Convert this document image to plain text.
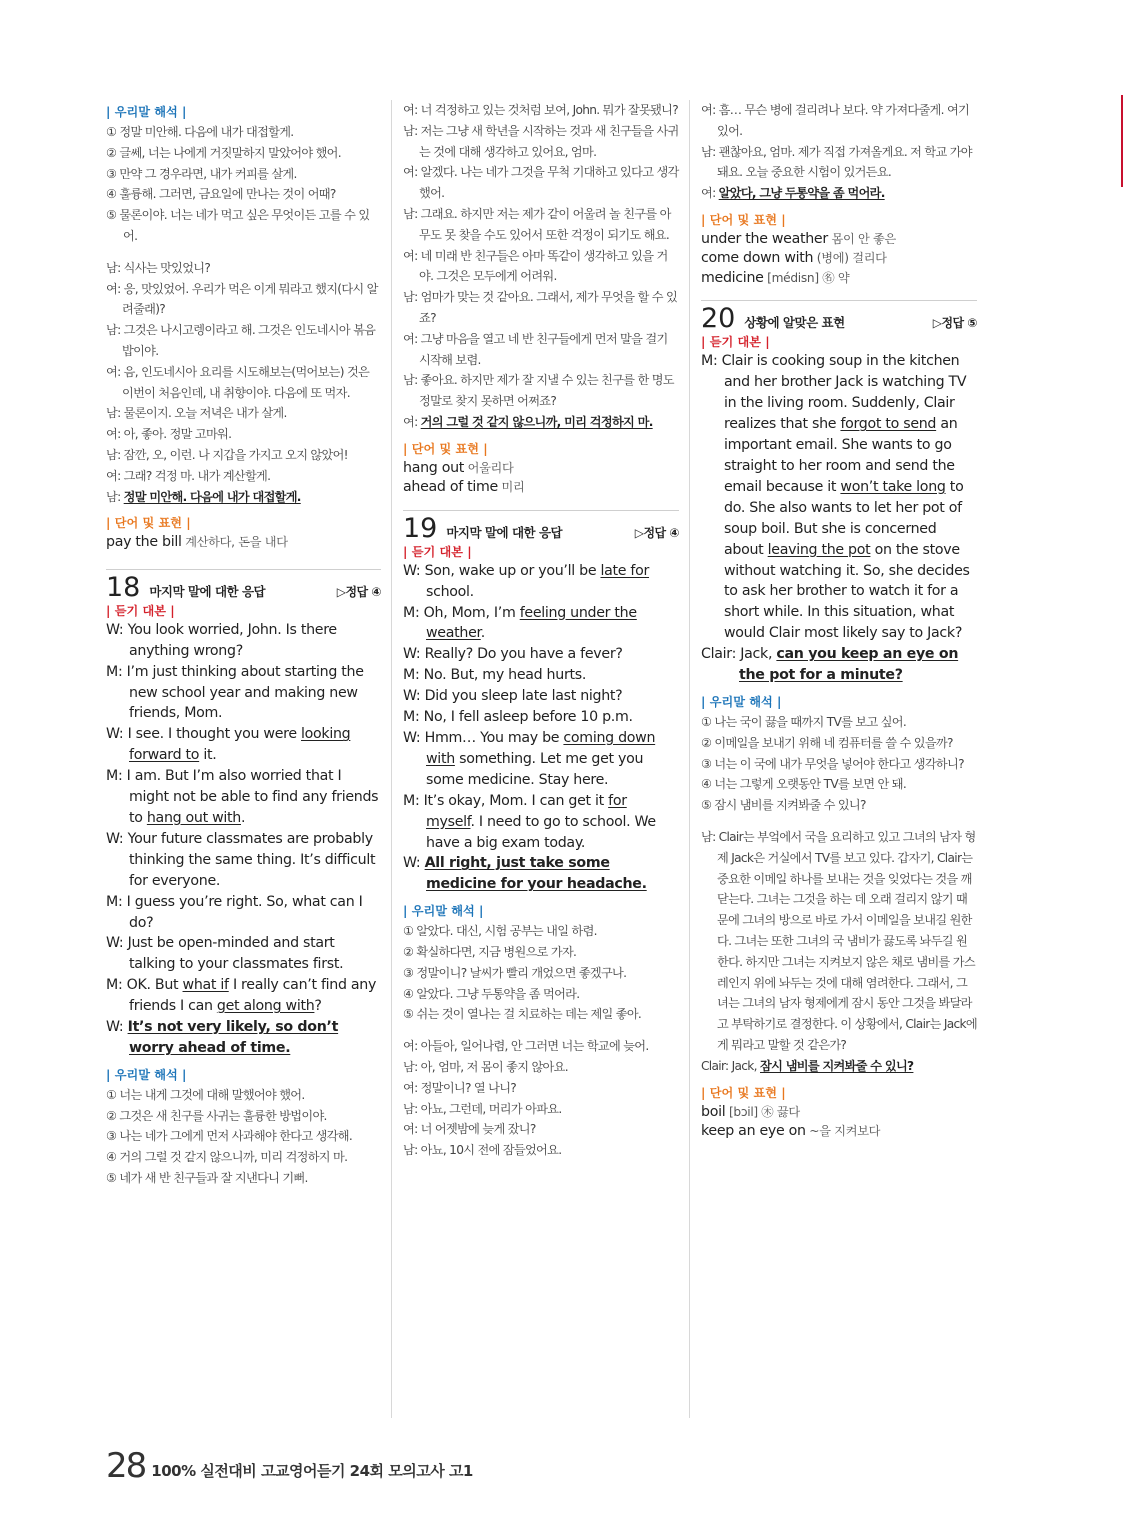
| 우리말 해석 |
① 정말 미안해. 다음에 내가 대접할게.
② 글쎄, 너는 나에게 거짓말하지 말았어야 했어.
③ 만약 그 경우라면, 내가 커피를 살게.
④ 훌륭해. 그러면, 금요일에 만나는 것이 어때?
⑤ 물론이야. 너는 네가 먹고 싶은 무엇이든 고를 수 있어.
남: 식사는 맛있었니?
여: 응, 맛있었어. 우리가 먹은 이게 뭐라고 했지(다시 알려줄래)?
남: 그것은 나시고렝이라고 해. 그것은 인도네시아 볶음밥이야.
여: 음, 인도네시아 요리를 시도해보는(먹어보는) 것은 이번이 처음인데, 내 취향이야. 다음에 또 먹자.
남: 물론이지. 오늘 저녁은 내가 살게.
여: 아, 좋아. 정말 고마워.
남: 잠깐, 오, 이런. 나 지갑을 가지고 오지 않았어!
여: 그래? 걱정 마. 내가 계산할게.
남: 정말 미안해. 다음에 내가 대접할게.
| 단어 및 표현 |
pay the bill 계산하다, 돈을 내다
18 마지막 말에 대한 응답	▷정답 ④
| 듣기 대본 |
W: You look worried, John. Is there anything wrong?
M: I’m just thinking about starting the new school year and making new friends, Mom.
W: I see. I thought you were looking forward to it.
M: I am. But I’m also worried that I might not be able to find any friends to hang out with.
W: Your future classmates are probably thinking the same thing. It’s difficult for everyone.
M: I guess you’re right. So, what can I do?
W: Just be open-minded and start talking to your classmates first.
M: OK. But what if I really can’t find any friends I can get along with?
W: It’s not very likely, so don’t worry ahead of time.
| 우리말 해석 |
① 너는 내게 그것에 대해 말했어야 했어.
② 그것은 새 친구를 사귀는 훌륭한 방법이야.
③ 나는 네가 그에게 먼저 사과해야 한다고 생각해.
④ 거의 그럴 것 같지 않으니까, 미리 걱정하지 마.
⑤ 네가 새 반 친구들과 잘 지낸다니 기뻐.
여: 너 걱정하고 있는 것처럼 보여, John. 뭐가 잘못됐니?
남: 저는 그냥 새 학년을 시작하는 것과 새 친구들을 사귀는 것에 대해 생각하고 있어요, 엄마.
여: 알겠다. 나는 네가 그것을 무척 기대하고 있다고 생각했어.
남: 그래요. 하지만 저는 제가 같이 어울려 놀 친구를 아무도 못 찾을 수도 있어서 또한 걱정이 되기도 해요.
여: 네 미래 반 친구들은 아마 똑같이 생각하고 있을 거야. 그것은 모두에게 어려워.
남: 엄마가 맞는 것 같아요. 그래서, 제가 무엇을 할 수 있죠?
여: 그냥 마음을 열고 네 반 친구들에게 먼저 말을 걸기 시작해 보렴.
남: 좋아요. 하지만 제가 잘 지낼 수 있는 친구를 한 명도 정말로 찾지 못하면 어쩌죠?
여: 거의 그럴 것 같지 않으니까, 미리 걱정하지 마.
| 단어 및 표현 |
hang out 어울리다
ahead of time 미리
19 마지막 말에 대한 응답	▷정답 ④
| 듣기 대본 |
W: Son, wake up or you’ll be late for school.
M: Oh, Mom, I’m feeling under the weather.
W: Really? Do you have a fever?
M: No. But, my head hurts.
W: Did you sleep late last night?
M: No, I fell asleep before 10 p.m.
W: Hmm… You may be coming down with something. Let me get you some medicine. Stay here.
M: It’s okay, Mom. I can get it for myself. I need to go to school. We have a big exam today.
W: All right, just take some medicine for your headache.
| 우리말 해석 |
① 알았다. 대신, 시험 공부는 내일 하렴.
② 확실하다면, 지금 병원으로 가자.
③ 정말이니? 날씨가 빨리 개었으면 좋겠구나.
④ 알았다. 그냥 두통약을 좀 먹어라.
⑤ 쉬는 것이 열나는 걸 치료하는 데는 제일 좋아.
여: 아들아, 일어나렴, 안 그러면 너는 학교에 늦어.
남: 아, 엄마, 저 몸이 좋지 않아요.
여: 정말이니? 열 나니?
남: 아뇨, 그런데, 머리가 아파요.
여: 너 어젯밤에 늦게 잤니?
남: 아뇨, 10시 전에 잠들었어요.
여: 흠… 무슨 병에 걸리려나 보다. 약 가져다줄게. 여기 있어.
남: 괜찮아요, 엄마. 제가 직접 가져올게요. 저 학교 가야 돼요. 오늘 중요한 시험이 있거든요.
여: 알았다, 그냥 두통약을 좀 먹어라.
| 단어 및 표현 |
under the weather 몸이 안 좋은
come down with (병에) 걸리다
medicine [médisn] ㊔ 약
20 상황에 알맞은 표현	▷정답 ⑤
| 듣기 대본 |
M: Clair is cooking soup in the kitchen and her brother Jack is watching TV in the living room. Suddenly, Clair realizes that she forgot to send an important email. She wants to go straight to her room and send the email because it won’t take long to do. She also wants to let her pot of soup boil. But she is concerned about leaving the pot on the stove without watching it. So, she decides to ask her brother to watch it for a short while. In this situation, what would Clair most likely say to Jack?
Clair: Jack, can you keep an eye on the pot for a minute?
| 우리말 해석 |
① 나는 국이 끓을 때까지 TV를 보고 싶어.
② 이메일을 보내기 위해 네 컴퓨터를 쓸 수 있을까?
③ 너는 이 국에 내가 무엇을 넣어야 한다고 생각하니?
④ 너는 그렇게 오랫동안 TV를 보면 안 돼.
⑤ 잠시 냄비를 지켜봐줄 수 있니?
남: Clair는 부엌에서 국을 요리하고 있고 그녀의 남자 형제 Jack은 거실에서 TV를 보고 있다. 갑자기, Clair는 중요한 이메일 하나를 보내는 것을 잊었다는 것을 깨닫는다. 그녀는 그것을 하는 데 오래 걸리지 않기 때문에 그녀의 방으로 바로 가서 이메일을 보내길 원한다. 그녀는 또한 그녀의 국 냄비가 끓도록 놔두길 원한다. 하지만 그녀는 지켜보지 않은 채로 냄비를 가스레인지 위에 놔두는 것에 대해 염려한다. 그래서, 그녀는 그녀의 남자 형제에게 잠시 동안 그것을 봐달라고 부탁하기로 결정한다. 이 상황에서, Clair는 Jack에게 뭐라고 말할 것 같은가?
Clair: Jack, 잠시 냄비를 지켜봐줄 수 있니?
| 단어 및 표현 |
boil [bɔil] ㊍ 끓다
keep an eye on ~을 지켜보다
28 100% 실전대비 고교영어듣기 24회 모의고사 고1
